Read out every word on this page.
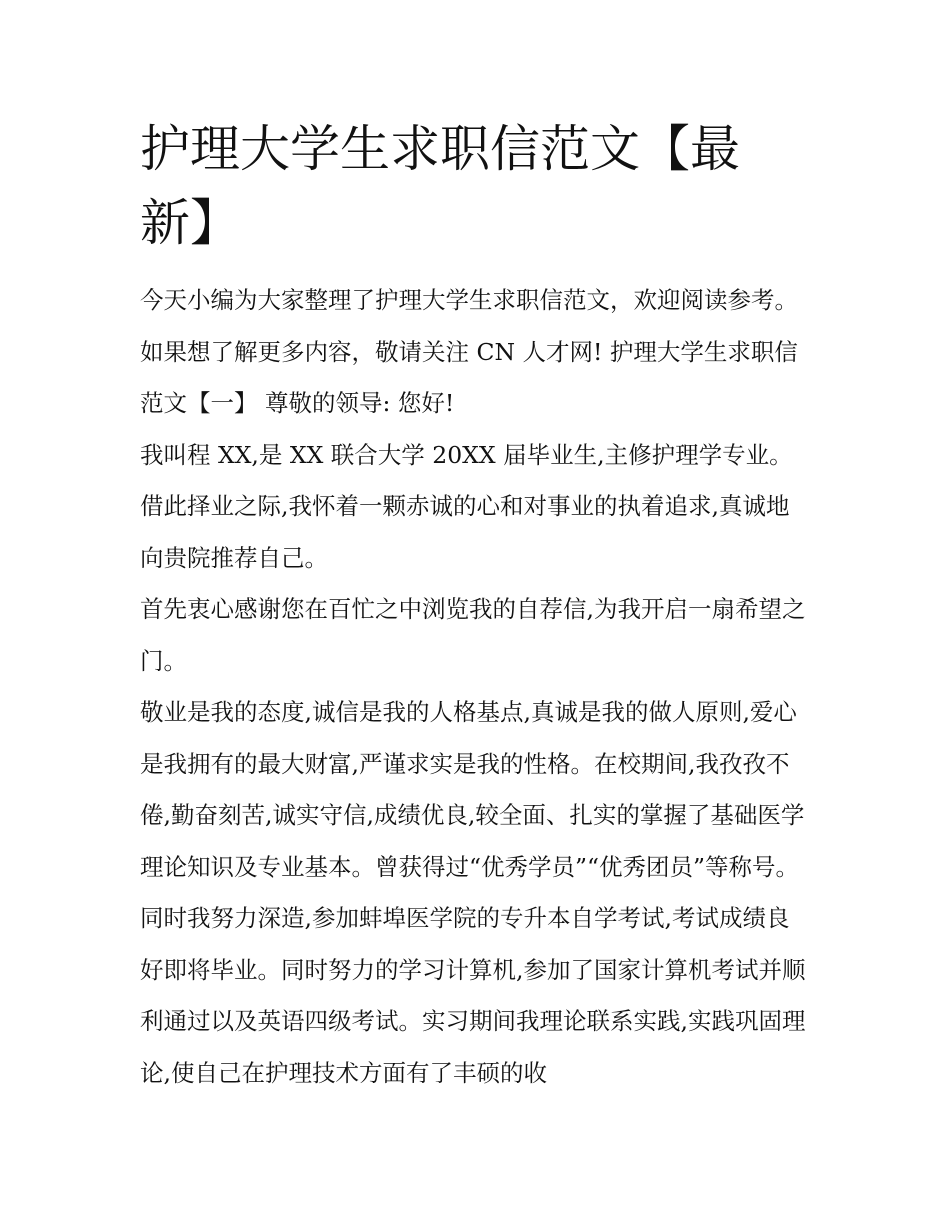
护理大学生求职信范文【最新】

今天小编为大家整理了护理大学生求职信范文，欢迎阅读参考。如果想了解更多内容，敬请关注 CN 人才网! 护理大学生求职信范文【一】 尊敬的领导: 您好!

我叫程 XX,是 XX 联合大学 20XX 届毕业生,主修护理学专业。借此择业之际,我怀着一颗赤诚的心和对事业的执着追求,真诚地向贵院推荐自己。

首先衷心感谢您在百忙之中浏览我的自荐信,为我开启一扇希望之门。

敬业是我的态度,诚信是我的人格基点,真诚是我的做人原则,爱心是我拥有的最大财富,严谨求实是我的性格。在校期间,我孜孜不倦,勤奋刻苦,诚实守信,成绩优良,较全面、扎实的掌握了基础医学理论知识及专业基本。曾获得过“优秀学员”“优秀团员”等称号。同时我努力深造,参加蚌埠医学院的专升本自学考试,考试成绩良好即将毕业。同时努力的学习计算机,参加了国家计算机考试并顺利通过以及英语四级考试。实习期间我理论联系实践,实践巩固理论,使自己在护理技术方面有了丰硕的收
